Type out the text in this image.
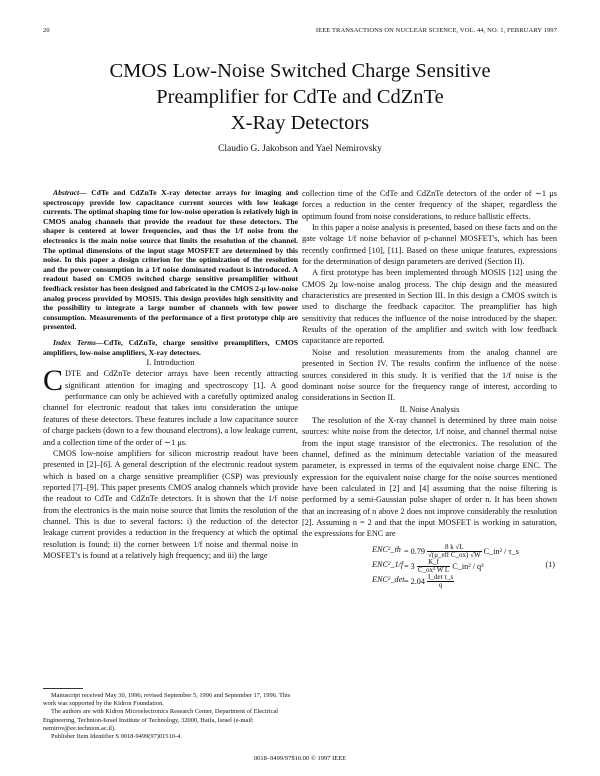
20	IEEE TRANSACTIONS ON NUCLEAR SCIENCE, VOL. 44, NO. 1, FEBRUARY 1997
CMOS Low-Noise Switched Charge Sensitive
Preamplifier for CdTe and CdZnTe
X-Ray Detectors
Claudio G. Jakobson and Yael Nemirovsky

Abstract— CdTe and CdZnTe X-ray detector arrays for imaging and spectroscopy provide low capacitance current sources with low leakage currents. The optimal shaping time for low-noise operation is relatively high in CMOS analog channels that provide the readout for these detectors. The shaper is centered at lower frequencies, and thus the 1/f noise from the electronics is the main noise source that limits the resolution of the channel. The optimal dimensions of the input stage MOSFET are determined by this noise. In this paper a design criterion for the optimization of the resolution and the power consumption in a 1/f noise dominated readout is introduced. A readout based on CMOS switched charge sensitive preamplifier without feedback resistor has been designed and fabricated in the CMOS 2-μ low-noise analog process provided by MOSIS. This design provides high sensitivity and the possibility to integrate a large number of channels with low power consumption. Measurements of the performance of a first prototype chip are presented.

Index Terms—CdTe, CdZnTe, charge sensitive preamplifiers, CMOS amplifiers, low-noise amplifiers, X-ray detectors.

I. Introduction

CDTE and CdZnTe detector arrays have been recently attracting significant attention for imaging and spectroscopy [1]. A good performance can only be achieved with a carefully optimized analog channel for electronic readout that takes into consideration the unique features of these detectors. These features include a low capacitance source of charge packets (down to a few thousand electrons), a low leakage current, and a collection time of the order of ∼1 μs.

CMOS low-noise amplifiers for silicon microstrip readout have been presented in [2]–[6]. A general description of the electronic readout system which is based on a charge sensitive preamplifier (CSP) was previously reported [7]–[9]. This paper presents CMOS analog channels which provide the readout to CdTe and CdZnTe detectors. It is shown that the 1/f noise from the electronics is the main noise source that limits the resolution of the channel. This is due to several factors: i) the reduction of the detector leakage current provides a reduction in the frequency at which the optimal resolution is found; ii) the corner between 1/f noise and thermal noise in MOSFET's is found at a relatively high frequency; and iii) the large

collection time of the CdTe and CdZnTe detectors of the order of ∼1 μs forces a reduction in the center frequency of the shaper, regardless the optimum found from noise considerations, to reduce ballistic effects.

In this paper a noise analysis is presented, based on these facts and on the gate voltage 1/f noise behavior of p-channel MOSFET's, which has been recently confirmed [10], [11]. Based on these unique features, expressions for the determination of design parameters are derived (Section II).

A first prototype has been implemented through MOSIS [12] using the CMOS 2μ low-noise analog process. The chip design and the measured characteristics are presented in Section III. In this design a CMOS switch is used to discharge the feedback capacitor. The preamplifier has high sensitivity that reduces the influence of the noise introduced by the shaper. Results of the operation of the amplifier and switch with low feedback capacitance are reported.

Noise and resolution measurements from the analog channel are presented in Section IV. The results confirm the influence of the noise sources considered in this study. It is verified that the 1/f noise is the dominant noise source for the frequency range of interest, according to considerations in Section II.

II. Noise Analysis

The resolution of the X-ray channel is determined by three main noise sources: white noise from the detector, 1/f noise, and channel thermal noise from the input stage transistor of the electronics. The resolution of the channel, defined as the minimum detectable variation of the measured parameter, is expressed in terms of the equivalent noise charge ENC. The expression for the equivalent noise charge for the noise sources mentioned have been calculated in [2] and [4] assuming that the noise filtering is performed by a semi-Gaussian pulse shaper of order n. It has been shown that an increasing of n above 2 does not improve considerably the resolution [2]. Assuming n = 2 and that the input MOSFET is working in saturation, the expressions for ENC are

ENC²_th = $0.79 \frac{8 k √L}{\text{√(μ\_eff C\_ox) √W}}$ C_in² / τ_s
ENC²_1/f = $3 \frac{K\_f}{\text{C\_ox² W L}}$ C_in² / q²	(1)
ENC²_det = $2.04 \frac{\text{I\_det τ\_s}}{q}$

Manuscript received May 30, 1996; revised September 5, 1996 and September 17, 1996. This work was supported by the Kidron Foundation.

The authors are with Kidron Microelectronics Research Center, Department of Electrical Engineering, Technion-Israel Institute of Technology, 32000, Haifa, Israel (e-mail: nemirov@ee.technion.ac.il).

Publisher Item Identifier S 0018-9499(97)01510-4.

0018–9499/97$10.00 © 1997 IEEE
